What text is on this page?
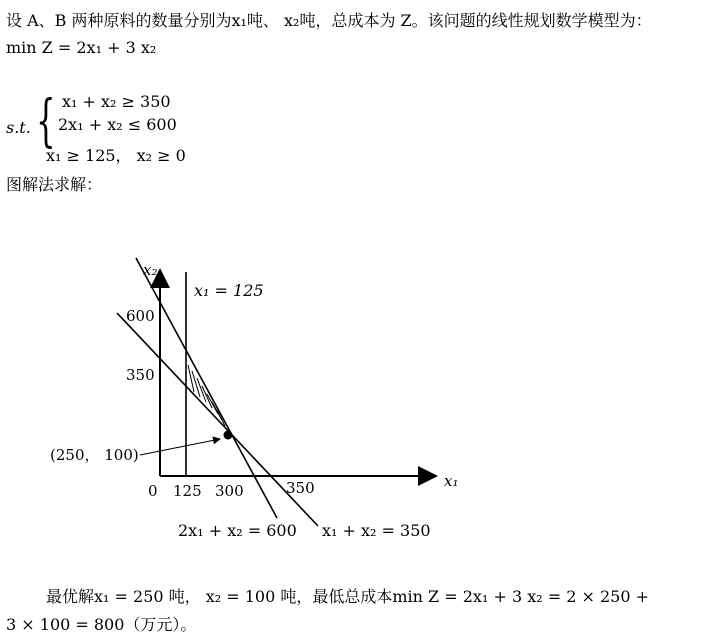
设 A、B 两种原料的数量分别为x₁吨、 x₂吨，总成本为 Z。该问题的线性规划数学模型为：
min Z = 2x₁ + 3 x₂
s.t. { x₁ + x₂ ≥ 350
2x₁ + x₂ ≤ 600
x₁ ≥ 125， x₂ ≥ 0
图解法求解：
x₂
x₁
600
350
0 125 300	350
x₁ = 125
(250， 100)
2x₁ + x₂ = 600 x₁ + x₂ = 350
最优解x₁ = 250 吨， x₂ = 100 吨，最低总成本min Z = 2x₁ + 3 x₂ = 2 × 250 +
3 × 100 = 800（万元）。
